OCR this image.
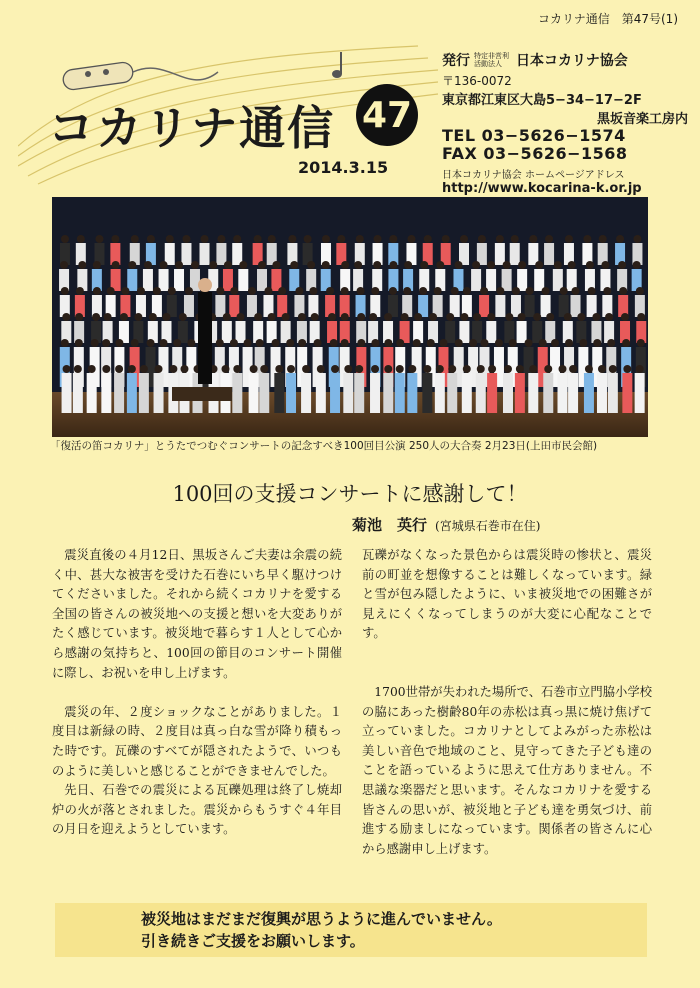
コカリナ通信　第47号(1)
コカリナ通信 47
2014.3.15
発行 特定非営利活動法人	日本コカリナ協会
〒136-0072
東京都江東区大島5−34−17−2F
黒坂音楽工房内
TEL 03−5626−1574
FAX 03−5626−1568
日本コカリナ協会 ホームページアドレス
http://www.kocarina-k.or.jp
「復活の笛コカリナ」とうたでつむぐコンサートの記念すべき100回目公演 250人の大合奏 2月23日(上田市民会館)
100回の支援コンサートに感謝して！
菊池　英行 (宮城県石巻市在住)

震災直後の４月12日、黒坂さんご夫妻は余震の続く中、甚大な被害を受けた石巻にいち早く駆けつけてくださいました。それから続くコカリナを愛する全国の皆さんの被災地への支援と想いを大変ありがたく感じています。被災地で暮らす１人として心から感謝の気持ちと、100回の節目のコンサート開催に際し、お祝いを申し上げます。

震災の年、２度ショックなことがありました。１度目は新緑の時、２度目は真っ白な雪が降り積もった時です。瓦礫のすべてが隠されたようで、いつものように美しいと感じることができませんでした。

先日、石巻での震災による瓦礫処理は終了し焼却炉の火が落とされました。震災からもうすぐ４年目の月日を迎えようとしています。

瓦礫がなくなった景色からは震災時の惨状と、震災前の町並を想像することは難しくなっています。緑と雪が包み隠したように、いま被災地での困難さが見えにくくなってしまうのが大変に心配なことです。

1700世帯が失われた場所で、石巻市立門脇小学校の脇にあった樹齢80年の赤松は真っ黒に焼け焦げて立っていました。コカリナとしてよみがった赤松は美しい音色で地域のこと、見守ってきた子ども達のことを語っているように思えて仕方ありません。不思議な楽器だと思います。そんなコカリナを愛する皆さんの思いが、被災地と子ども達を勇気づけ、前進する励ましになっています。関係者の皆さんに心から感謝申し上げます。

被災地はまだまだ復興が思うように進んでいません。
引き続きご支援をお願いします。
